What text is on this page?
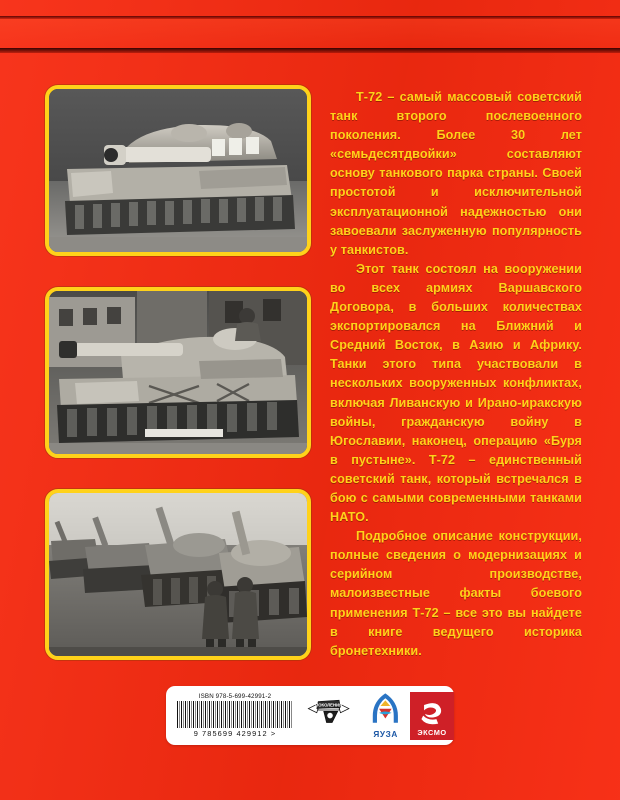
Т-72 – самый массовый советский танк второго послевоенного поколения. Более 30 лет «семьдесятдвойки» составляют основу танкового парка страны. Своей простотой и исключительной эксплуатационной надежностью они завоевали заслуженную популярность у танкистов.

Этот танк состоял на вооружении во всех армиях Варшавского Договора, в больших количествах экспортировался на Ближний и Средний Восток, в Азию и Африку. Танки этого типа участвовали в нескольких вооруженных конфликтах, включая Ливанскую и Ирано-иракскую войны, гражданскую войну в Югославии, наконец, операцию «Буря в пустыне». Т-72 – единственный советский танк, который встречался в бою с самыми современными танками НАТО.

Подробное описание конструкции, полные сведения о модернизациях и серийном производстве, малоизвестные факты боевого применения Т-72 – все это вы найдете в книге ведущего историка бронетехники.

ISBN 978-5-699-42991-2
9 785699 429912 >
ПОКОЛЕНИЯ
ЯУЗА	ЭКСМО
